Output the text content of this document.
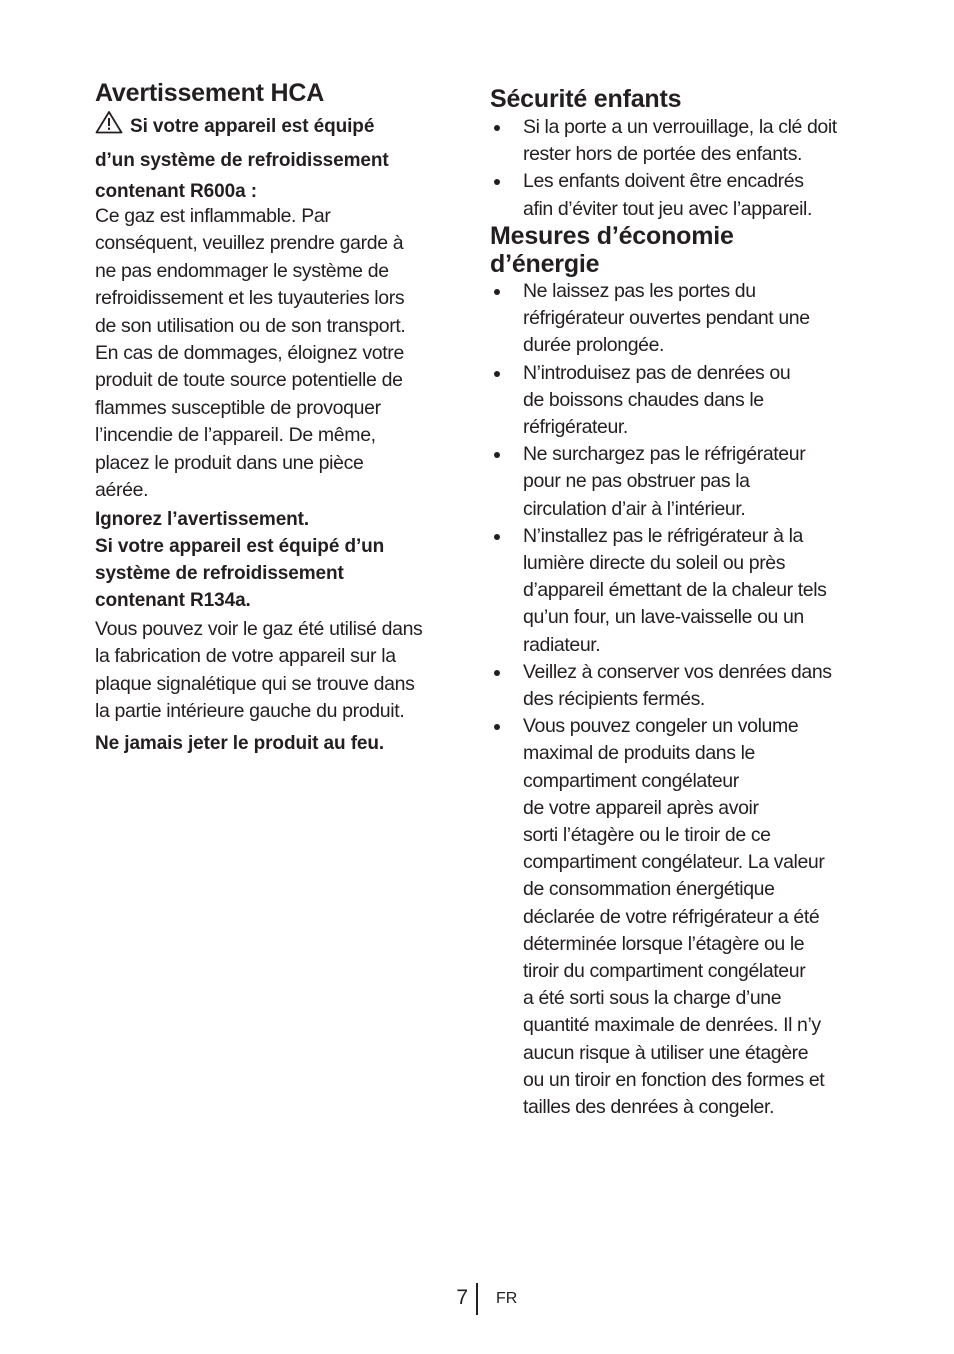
Avertissement HCA
Si votre appareil est équipé
d’un système de refroidissement
contenant R600a :
Ce gaz est inflammable. Par
conséquent, veuillez prendre garde à
ne pas endommager le système de
refroidissement et les tuyauteries lors
de son utilisation ou de son transport.
En cas de dommages, éloignez votre
produit de toute source potentielle de
flammes susceptible de provoquer
l’incendie de l’appareil. De même,
placez le produit dans une pièce
aérée.
Ignorez l’avertissement.
Si votre appareil est équipé d’un
système de refroidissement
contenant R134a.
Vous pouvez voir le gaz été utilisé dans
la fabrication de votre appareil sur la
plaque signalétique qui se trouve dans
la partie intérieure gauche du produit.
Ne jamais jeter le produit au feu.
Sécurité enfants
Si la porte a un verrouillage, la clé doit
rester hors de portée des enfants.
Les enfants doivent être encadrés
afin d’éviter tout jeu avec l’appareil.
Mesures d’économie
d’énergie
Ne laissez pas les portes du
réfrigérateur ouvertes pendant une
durée prolongée.
N’introduisez pas de denrées ou
de boissons chaudes dans le
réfrigérateur.
Ne surchargez pas le réfrigérateur
pour ne pas obstruer pas la
circulation d’air à l’intérieur.
N’installez pas le réfrigérateur à la
lumière directe du soleil ou près
d’appareil émettant de la chaleur tels
qu’un four, un lave-vaisselle ou un
radiateur.
Veillez à conserver vos denrées dans
des récipients fermés.
Vous pouvez congeler un volume
maximal de produits dans le
compartiment congélateur
de votre appareil après avoir
sorti l’étagère ou le tiroir de ce
compartiment congélateur. La valeur
de consommation énergétique
déclarée de votre réfrigérateur a été
déterminée lorsque l’étagère ou le
tiroir du compartiment congélateur
a été sorti sous la charge d’une
quantité maximale de denrées. Il n’y
aucun risque à utiliser une étagère
ou un tiroir en fonction des formes et
tailles des denrées à congeler.
7 FR
